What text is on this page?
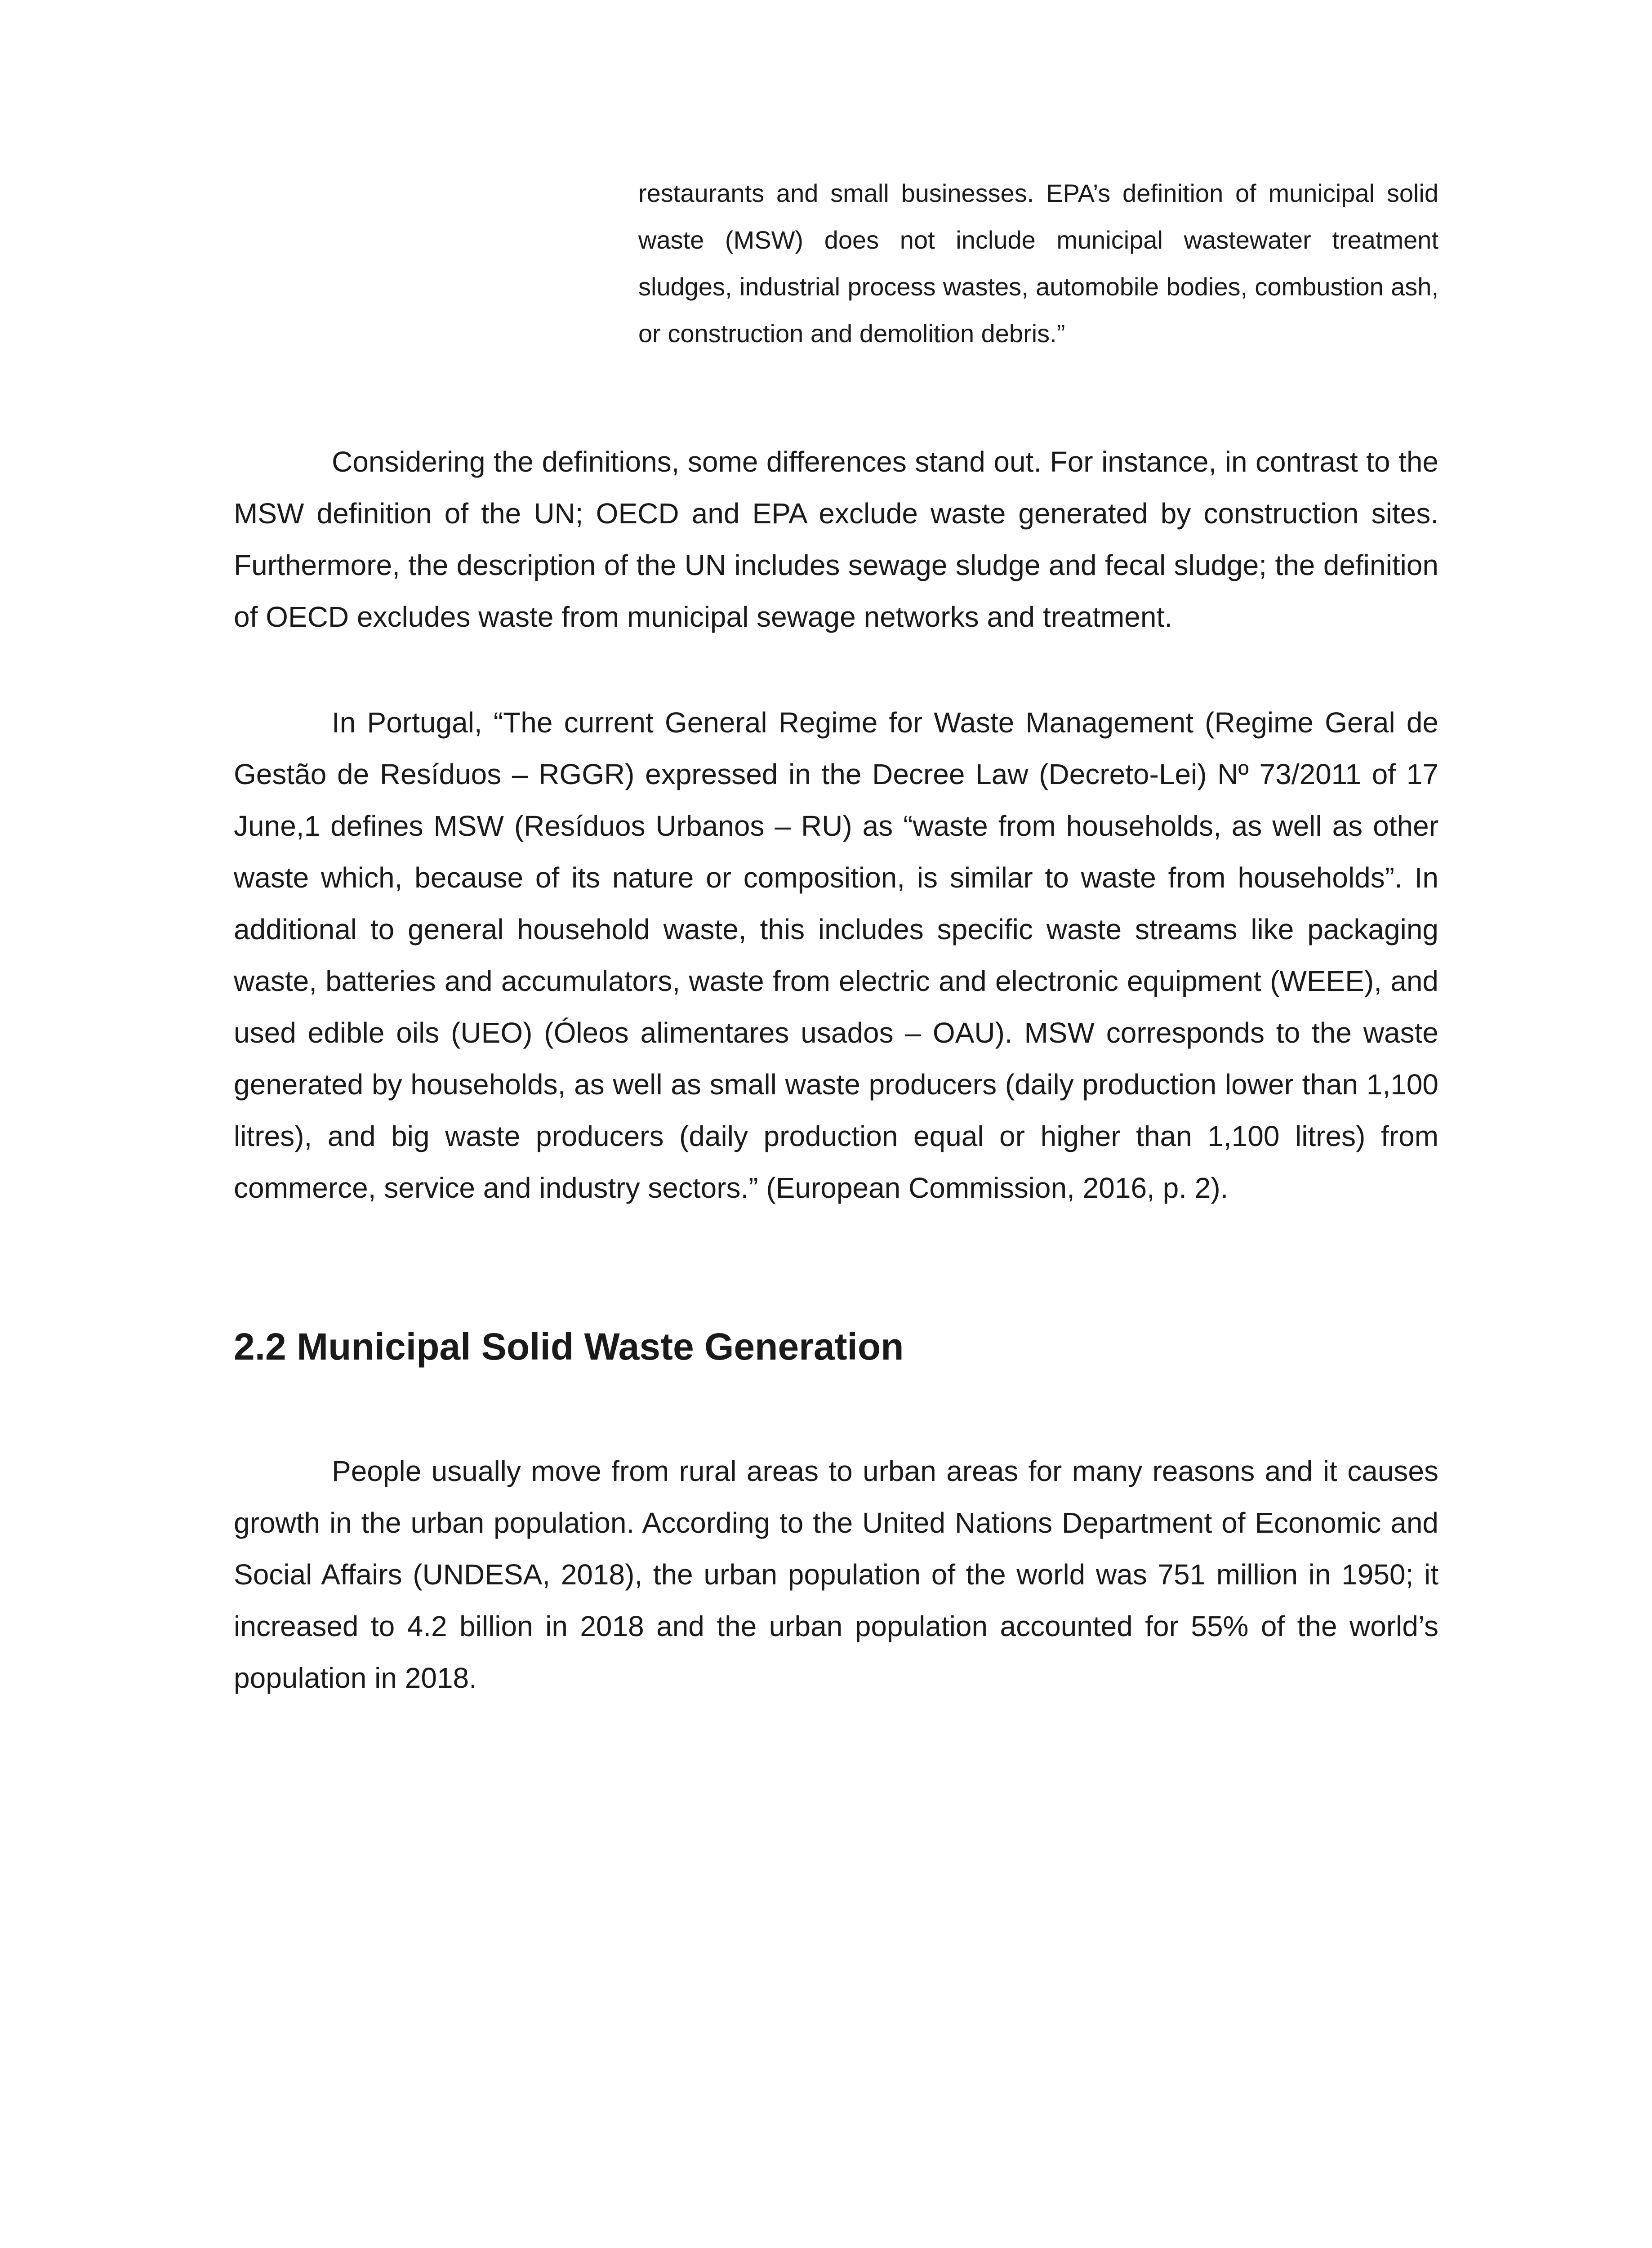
restaurants and small businesses. EPA’s definition of municipal solid waste (MSW) does not include municipal wastewater treatment sludges, industrial process wastes, automobile bodies, combustion ash, or construction and demolition debris.”

Considering the definitions, some differences stand out. For instance, in contrast to the MSW definition of the UN; OECD and EPA exclude waste generated by construction sites. Furthermore, the description of the UN includes sewage sludge and fecal sludge; the definition of OECD excludes waste from municipal sewage networks and treatment.

In Portugal, “The current General Regime for Waste Management (Regime Geral de Gestão de Resíduos – RGGR) expressed in the Decree Law (Decreto-Lei) Nº 73/2011 of 17 June,1 defines MSW (Resíduos Urbanos – RU) as “waste from households, as well as other waste which, because of its nature or composition, is similar to waste from households”. In additional to general household waste, this includes specific waste streams like packaging waste, batteries and accumulators, waste from electric and electronic equipment (WEEE), and used edible oils (UEO) (Óleos alimentares usados – OAU). MSW corresponds to the waste generated by households, as well as small waste producers (daily production lower than 1,100 litres), and big waste producers (daily production equal or higher than 1,100 litres) from commerce, service and industry sectors.” (European Commission, 2016, p. 2).

2.2 Municipal Solid Waste Generation

People usually move from rural areas to urban areas for many reasons and it causes growth in the urban population. According to the United Nations Department of Economic and Social Affairs (UNDESA, 2018), the urban population of the world was 751 million in 1950; it increased to 4.2 billion in 2018 and the urban population accounted for 55% of the world’s population in 2018.
